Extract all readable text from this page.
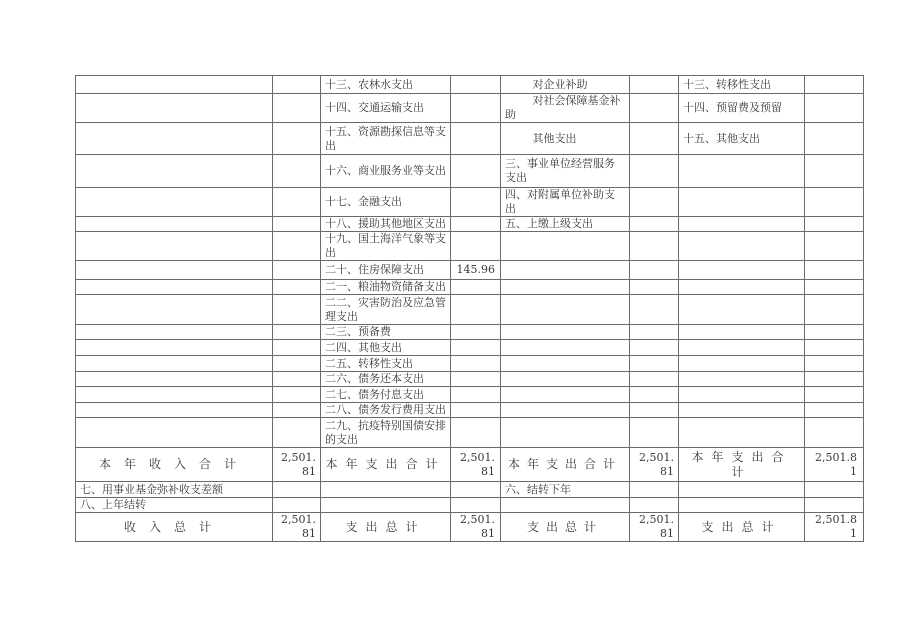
		十三、农林水支出		对企业补助		十三、转移性支出	
		十四、交通运输支出		对社会保障基金补助		十四、预留费及预留	
		十五、资源勘探信息等支出		其他支出		十五、其他支出	
		十六、商业服务业等支出		三、事业单位经营服务支出			
		十七、金融支出		四、对附属单位补助支出			
		十八、援助其他地区支出		五、上缴上级支出			
		十九、国土海洋气象等支出					
		二十、住房保障支出	145.96				
		二一、粮油物资储备支出					
		二二、灾害防治及应急管理支出					
		二三、预备费					
		二四、其他支出					
		二五、转移性支出					
		二六、债务还本支出					
		二七、债务付息支出					
		二八、债务发行费用支出					
		二九、抗疫特别国债安排的支出					
本年收入合计	2,501.81	本年支出合计	2,501.81	本年支出合计	2,501.81	本年支出合计	2,501.81
七、用事业基金弥补收支差额				六、结转下年			
八、上年结转							
收入总计	2,501.81	支出总计	2,501.81	支出总计	2,501.81	支出总计	2,501.81
